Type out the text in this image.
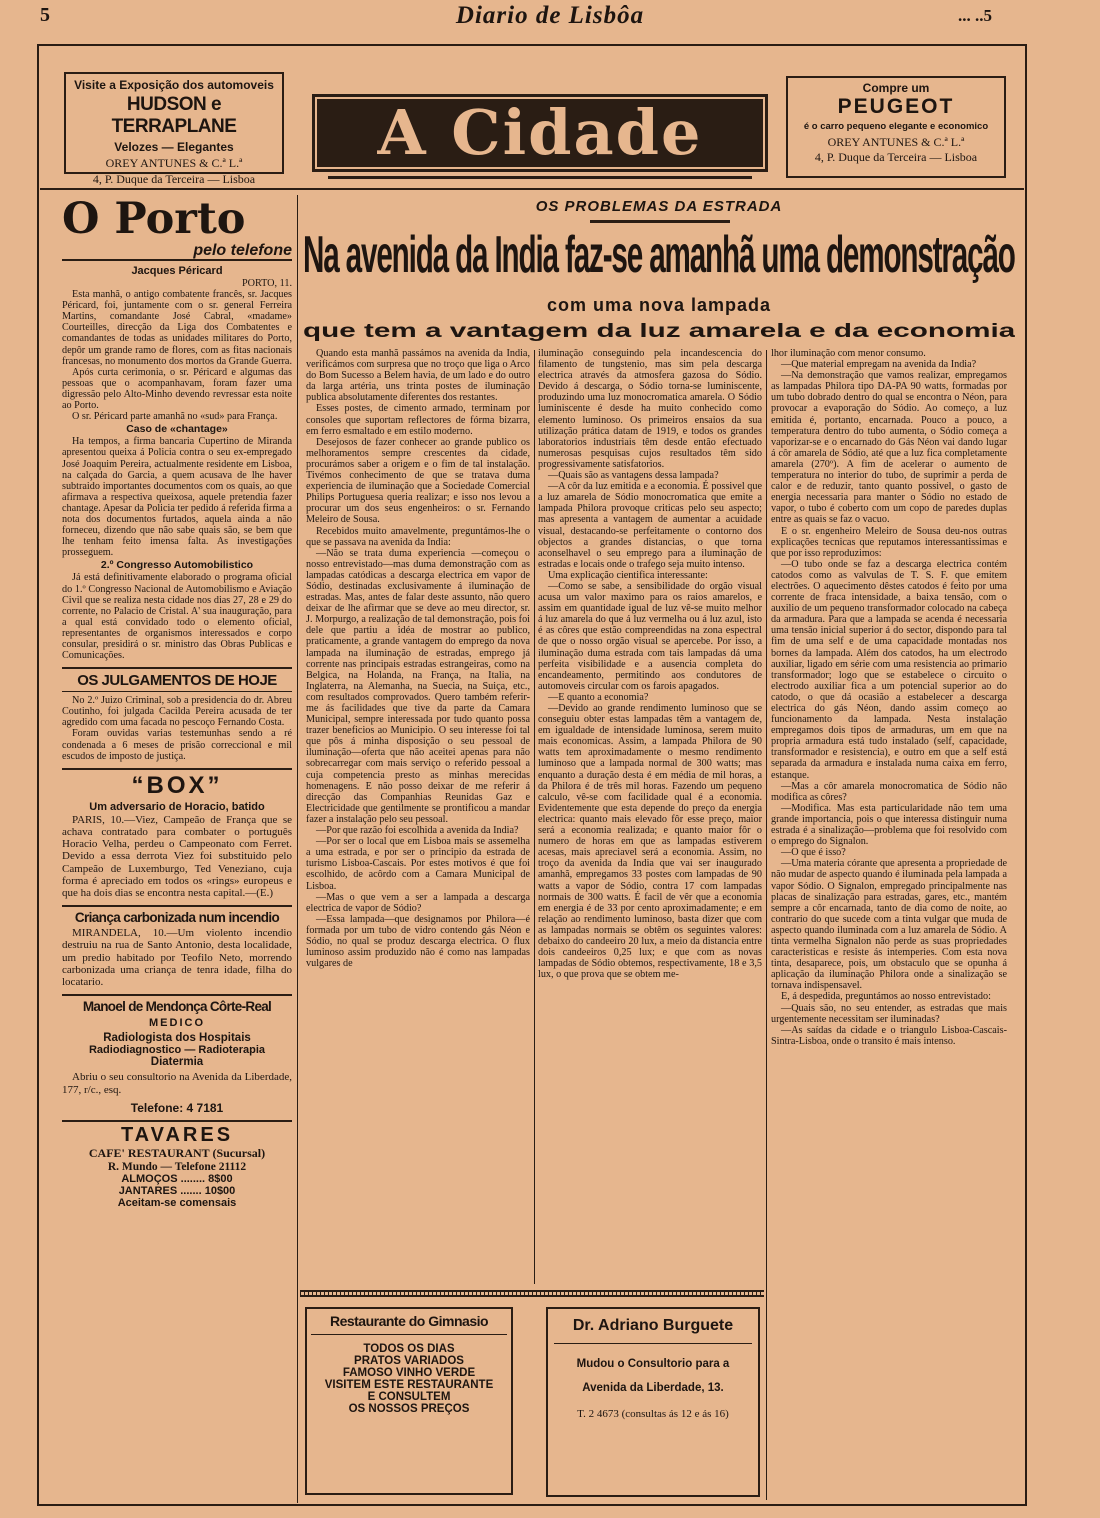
5	Diario de Lisbôa	... ..5
Visite a Exposição dos automoveis
HUDSON e TERRAPLANE
Velozes — Elegantes
OREY ANTUNES & C.ª L.ª
4, P. Duque da Terceira — Lisboa
A Cidade
Compre um
PEUGEOT
é o carro pequeno elegante e economico
OREY ANTUNES & C.ª L.ª
4, P. Duque da Terceira — Lisboa
O Porto
pelo telefone
Jacques Péricard

PORTO, 11.

Esta manhã, o antigo combatente francês, sr. Jacques Péricard, foi, juntamente com o sr. general Ferreira Martins, comandante José Cabral, «madame» Courteilles, direcção da Liga dos Combatentes e comandantes de todas as unidades militares do Porto, depôr um grande ramo de flores, com as fitas nacionais francesas, no monumento dos mortos da Grande Guerra.

Após curta cerimonia, o sr. Péricard e algumas das pessoas que o acompanhavam, foram fazer uma digressão pelo Alto-Minho devendo revressar esta noite ao Porto.

O sr. Péricard parte amanhã no «sud» para França.

Caso de «chantage»

Ha tempos, a firma bancaria Cupertino de Miranda apresentou queixa á Policia contra o seu ex-empregado José Joaquim Pereira, actualmente residente em Lisboa, na calçada do Garcia, a quem acusava de lhe haver subtraido importantes documentos com os quais, ao que afirmava a respectiva queixosa, aquele pretendia fazer chantage. Apesar da Policia ter pedido á referida firma a nota dos documentos furtados, aquela ainda a não forneceu, dizendo que não sabe quais são, se bem que lhe tenham feito imensa falta. As investigações prosseguem.

2.º Congresso Automobilistico

Já está definitivamente elaborado o programa oficial do 1.º Congresso Nacional de Automobilismo e Aviação Civil que se realiza nesta cidade nos dias 27, 28 e 29 do corrente, no Palacio de Cristal. A' sua inauguração, para a qual está convidado todo o elemento oficial, representantes de organismos interessados e corpo consular, presidirá o sr. ministro das Obras Publicas e Comunicações.

OS JULGAMENTOS DE HOJE

No 2.º Juizo Criminal, sob a presidencia do dr. Abreu Coutinho, foi julgada Cacilda Pereira acusada de ter agredido com uma facada no pescoço Fernando Costa.

Foram ouvidas varias testemunhas sendo a ré condenada a 6 meses de prisão correccional e mil escudos de imposto de justiça.

“BOX”
Um adversario de Horacio, batido

PARIS, 10.—Viez, Campeão de França que se achava contratado para combater o português Horacio Velha, perdeu o Campeonato com Ferret. Devido a essa derrota Viez foi substituido pelo Campeão de Luxemburgo, Ted Veneziano, cuja forma é apreciado em todos os «rings» europeus e que ha dois dias se encontra nesta capital.—(E.)

Criança carbonizada num incendio

MIRANDELA, 10.—Um violento incendio destruiu na rua de Santo Antonio, desta localidade, um predio habitado por Teofilo Neto, morrendo carbonizada uma criança de tenra idade, filha do locatario.

Manoel de Mendonça Côrte-Real
MEDICO
Radiologista dos Hospitais
Radiodiagnostico — Radioterapia
Diatermia
Abriu o seu consultorio na Avenida da Liberdade, 177, r/c., esq.
Telefone: 4 7181
TAVARES
CAFE' RESTAURANT (Sucursal)
R. Mundo — Telefone 21112
ALMOÇOS ........ 8$00
JANTARES ....... 10$00
Aceitam-se comensais
OS PROBLEMAS DA ESTRADA
Na avenida da India faz-se amanhã uma demonstração
com uma nova lampada
que tem a vantagem da luz amarela e da economia

Quando esta manhã passámos na avenida da India, verificámos com surpresa que no troço que liga o Arco do Bom Sucesso a Belem havia, de um lado e do outro da larga artéria, uns trinta postes de iluminação publica absolutamente diferentes dos restantes.

Esses postes, de cimento armado, terminam por consoles que suportam reflectores de fórma bizarra, em ferro esmaltado e em estilo moderno.

Desejosos de fazer conhecer ao grande publico os melhoramentos sempre crescentes da cidade, procurámos saber a origem e o fim de tal instalação. Tivémos conhecimento de que se tratava duma experiencia de iluminação que a Sociedade Comercial Philips Portuguesa queria realizar; e isso nos levou a procurar um dos seus engenheiros: o sr. Fernando Meleiro de Sousa.

Recebidos muito amavelmente, preguntámos-lhe o que se passava na avenida da India:

—Não se trata duma experiencia —começou o nosso entrevistado—mas duma demonstração com as lampadas catódicas a descarga electrica em vapor de Sódio, destinadas exclusivamente á iluminação de estradas. Mas, antes de falar deste assunto, não quero deixar de lhe afirmar que se deve ao meu director, sr. J. Morpurgo, a realização de tal demonstração, pois foi dele que partiu a idéa de mostrar ao publico, praticamente, a grande vantagem do emprego da nova lampada na iluminação de estradas, emprego já corrente nas principais estradas estrangeiras, como na Belgica, na Holanda, na França, na Italia, na Inglaterra, na Alemanha, na Suecia, na Suiça, etc., com resultados comprovados. Quero também referir-me ás facilidades que tive da parte da Camara Municipal, sempre interessada por tudo quanto possa trazer beneficios ao Municipio. O seu interesse foi tal que pôs á minha disposição o seu pessoal de iluminação—oferta que não aceitei apenas para não sobrecarregar com mais serviço o referido pessoal a cuja competencia presto as minhas merecidas homenagens. E não posso deixar de me referir á direcção das Companhias Reunidas Gaz e Electricidade que gentilmente se prontificou a mandar fazer a instalação pelo seu pessoal.

—Por que razão foi escolhida a avenida da India?

—Por ser o local que em Lisboa mais se assemelha a uma estrada, e por ser o principio da estrada de turismo Lisboa-Cascais. Por estes motivos é que foi escolhido, de acôrdo com a Camara Municipal de Lisboa.

—Mas o que vem a ser a lampada a descarga electrica de vapor de Sódio?

—Essa lampada—que designamos por Philora—é formada por um tubo de vidro contendo gás Néon e Sódio, no qual se produz descarga electrica. O flux luminoso assim produzido não é como nas lampadas vulgares de

iluminação conseguindo pela incandescencia do filamento de tungstenio, mas sim pela descarga electrica através da atmosfera gazosa do Sódio. Devido á descarga, o Sódio torna-se luminiscente, produzindo uma luz monocromatica amarela. O Sódio luminiscente é desde ha muito conhecido como elemento luminoso. Os primeiros ensaios da sua utilização prática datam de 1919, e todos os grandes laboratorios industriais têm desde então efectuado numerosas pesquisas cujos resultados têm sido progressivamente satisfatorios.

—Quais são as vantagens dessa lampada?

—A côr da luz emitida e a economia. É possivel que a luz amarela de Sódio monocromatica que emite a lampada Philora provoque criticas pelo seu aspecto; mas apresenta a vantagem de aumentar a acuidade visual, destacando-se perfeitamente o contorno dos objectos a grandes distancias, o que torna aconselhavel o seu emprego para a iluminação de estradas e locais onde o trafego seja muito intenso.

Uma explicação cientifica interessante:

—Como se sabe, a sensibilidade do orgão visual acusa um valor maximo para os raios amarelos, e assim em quantidade igual de luz vê-se muito melhor á luz amarela do que á luz vermelha ou á luz azul, isto é as côres que estão compreendidas na zona espectral de que o nosso orgão visual se apercebe. Por isso, a iluminação duma estrada com tais lampadas dá uma perfeita visibilidade e a ausencia completa do encandeamento, permitindo aos condutores de automoveis circular com os farois apagados.

—E quanto a economia?

—Devido ao grande rendimento luminoso que se conseguiu obter estas lampadas têm a vantagem de, em igualdade de intensidade luminosa, serem muito mais economicas. Assim, a lampada Philora de 90 watts tem aproximadamente o mesmo rendimento luminoso que a lampada normal de 300 watts; mas enquanto a duração desta é em média de mil horas, a da Philora é de três mil horas. Fazendo um pequeno calculo, vê-se com facilidade qual é a economia. Evidentemente que esta depende do preço da energia electrica: quanto mais elevado fôr esse preço, maior será a economia realizada; e quanto maior fôr o numero de horas em que as lampadas estiverem acesas, mais apreciavel será a economia. Assim, no troço da avenida da India que vai ser inaugurado amanhã, empregamos 33 postes com lampadas de 90 watts a vapor de Sódio, contra 17 com lampadas normais de 300 watts. É facil de vêr que a economia em energia é de 33 por cento aproximadamente; e em relação ao rendimento luminoso, basta dizer que com as lampadas normais se obtêm os seguintes valores: debaixo do candeeiro 20 lux, a meio da distancia entre dois candeeiros 0,25 lux; e que com as novas lampadas de Sódio obtemos, respectivamente, 18 e 3,5 lux, o que prova que se obtem me-

lhor iluminação com menor consumo.

—Que material empregam na avenida da India?

—Na demonstração que vamos realizar, empregamos as lampadas Philora tipo DA-PA 90 watts, formadas por um tubo dobrado dentro do qual se encontra o Néon, para provocar a evaporação do Sódio. Ao começo, a luz emitida é, portanto, encarnada. Pouco a pouco, a temperatura dentro do tubo aumenta, o Sódio começa a vaporizar-se e o encarnado do Gás Néon vai dando lugar á côr amarela de Sódio, até que a luz fica completamente amarela (270º). A fim de acelerar o aumento de temperatura no interior do tubo, de suprimir a perda de calor e de reduzir, tanto quanto possivel, o gasto de energia necessaria para manter o Sódio no estado de vapor, o tubo é coberto com um copo de paredes duplas entre as quais se faz o vacuo.

E o sr. engenheiro Meleiro de Sousa deu-nos outras explicações tecnicas que reputamos interessantissimas e que por isso reproduzimos:

—O tubo onde se faz a descarga electrica contém catodos como as valvulas de T. S. F. que emitem electrões. O aquecimento dêstes catodos é feito por uma corrente de fraca intensidade, a baixa tensão, com o auxilio de um pequeno transformador colocado na cabeça da armadura. Para que a lampada se acenda é necessaria uma tensão inicial superior á do sector, dispondo para tal fim de uma self e de uma capacidade montadas nos bornes da lampada. Além dos catodos, ha um electrodo auxiliar, ligado em série com uma resistencia ao primario transformador; logo que se estabelece o circuito o electrodo auxiliar fica a um potencial superior ao do catodo, o que dá ocasião a estabelecer a descarga electrica do gás Néon, dando assim começo ao funcionamento da lampada. Nesta instalação empregamos dois tipos de armaduras, um em que na propria armadura está tudo instalado (self, capacidade, transformador e resistencia), e outro em que a self está separada da armadura e instalada numa caixa em ferro, estanque.

—Mas a côr amarela monocromatica de Sódio não modifica as côres?

—Modifica. Mas esta particularidade não tem uma grande importancia, pois o que interessa distinguir numa estrada é a sinalização—problema que foi resolvido com o emprego do Signalon.

—O que é isso?

—Uma materia córante que apresenta a propriedade de não mudar de aspecto quando é iluminada pela lampada a vapor Sódio. O Signalon, empregado principalmente nas placas de sinalização para estradas, gares, etc., mantém sempre a côr encarnada, tanto de dia como de noite, ao contrario do que sucede com a tinta vulgar que muda de aspecto quando iluminada com a luz amarela de Sódio. A tinta vermelha Signalon não perde as suas propriedades caracteristicas e resiste ás intemperies. Com esta nova tinta, desaparece, pois, um obstaculo que se opunha á aplicação da iluminação Philora onde a sinalização se tornava indispensavel.

E, á despedida, preguntámos ao nosso entrevistado:

—Quais são, no seu entender, as estradas que mais urgentemente necessitam ser iluminadas?

—As saídas da cidade e o triangulo Lisboa-Cascais-Sintra-Lisboa, onde o transito é mais intenso.

Restaurante do Gimnasio
TODOS OS DIAS
PRATOS VARIADOS
FAMOSO VINHO VERDE
VISITEM ESTE RESTAURANTE
E CONSULTEM
OS NOSSOS PREÇOS
Dr. Adriano Burguete
Mudou o Consultorio para a
Avenida da Liberdade, 13.
T. 2 4673 (consultas ás 12 e ás 16)
